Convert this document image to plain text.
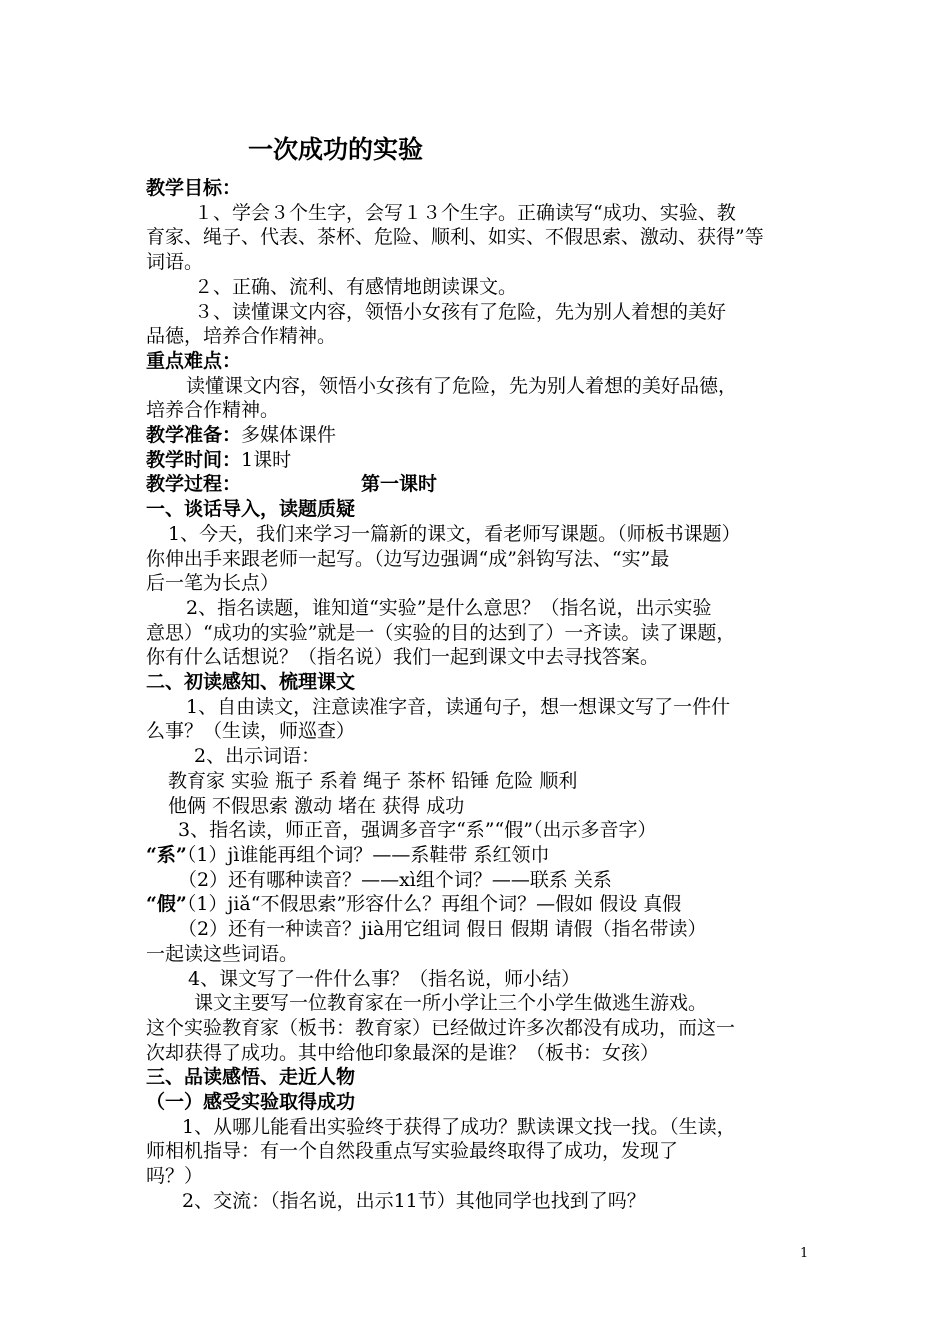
一次成功的实验
教学目标：
１、学会３个生字，会写１３个生字。正确读写“成功、实验、教
育家、绳子、代表、茶杯、危险、顺利、如实、不假思索、激动、获得”等
词语。
２、正确、流利、有感情地朗读课文。
３、读懂课文内容，领悟小女孩有了危险，先为别人着想的美好
品德，培养合作精神。
重点难点：
读懂课文内容，领悟小女孩有了危险，先为别人着想的美好品德，
培养合作精神。
教学准备：多媒体课件
教学时间：1课时
教学过程：	第一课时
一、谈话导入，读题质疑
1、今天，我们来学习一篇新的课文，看老师写课题。（师板书课题）
你伸出手来跟老师一起写。（边写边强调“成”斜钩写法、“实”最
后一笔为长点）
2、指名读题，谁知道“实验”是什么意思？（指名说，出示实验
意思）“成功的实验”就是一（实验的目的达到了）一齐读。读了课题，
你有什么话想说？（指名说）我们一起到课文中去寻找答案。
二、初读感知、梳理课文
1、自由读文，注意读准字音，读通句子，想一想课文写了一件什
么事？（生读，师巡查）
2、出示词语：
教育家 实验 瓶子 系着 绳子 茶杯 铅锤 危险 顺利
他俩 不假思索 激动 堵在 获得 成功
3、指名读，师正音，强调多音字“系”“假”（出示多音字）
“系”（1）jì谁能再组个词？——系鞋带 系红领巾
（2）还有哪种读音？——xì组个词？——联系 关系
“假”（1）jiǎ“不假思索”形容什么？再组个词？—假如 假设 真假
（2）还有一种读音？jià用它组词 假日 假期 请假（指名带读）
一起读这些词语。
4、课文写了一件什么事？（指名说，师小结）
课文主要写一位教育家在一所小学让三个小学生做逃生游戏。
这个实验教育家（板书：教育家）已经做过许多次都没有成功，而这一
次却获得了成功。其中给他印象最深的是谁？（板书：女孩）
三、品读感悟、走近人物
（一）感受实验取得成功
1、从哪儿能看出实验终于获得了成功？默读课文找一找。（生读，
师相机指导：有一个自然段重点写实验最终取得了成功，发现了
吗？）
2、交流：（指名说，出示11节）其他同学也找到了吗？
1
